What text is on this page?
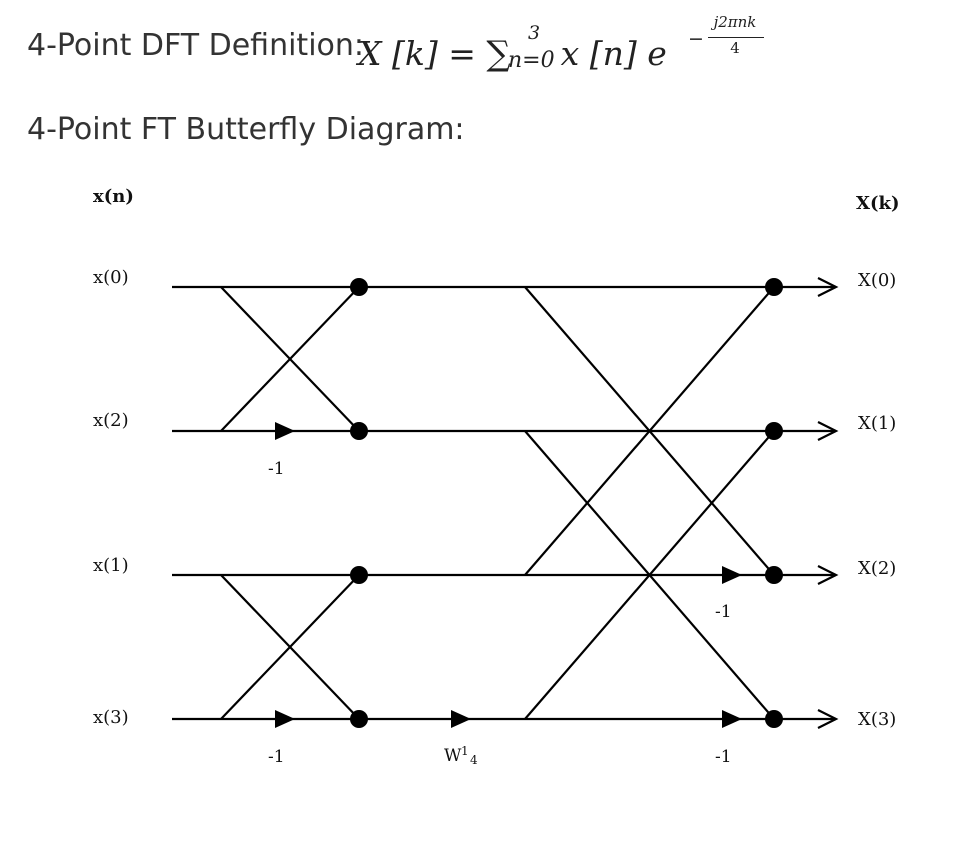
4-Point DFT Definition:
X [k] = ∑ x [n] e
3
n=0
−
j2πnk
4
4-Point FT Butterfly Diagram:
x(n)	X(k)
x(0)
x(2)
x(1)
x(3)
X(0)
X(1)
X(2)
X(3)
-1
-1
-1
-1
W 1
4
